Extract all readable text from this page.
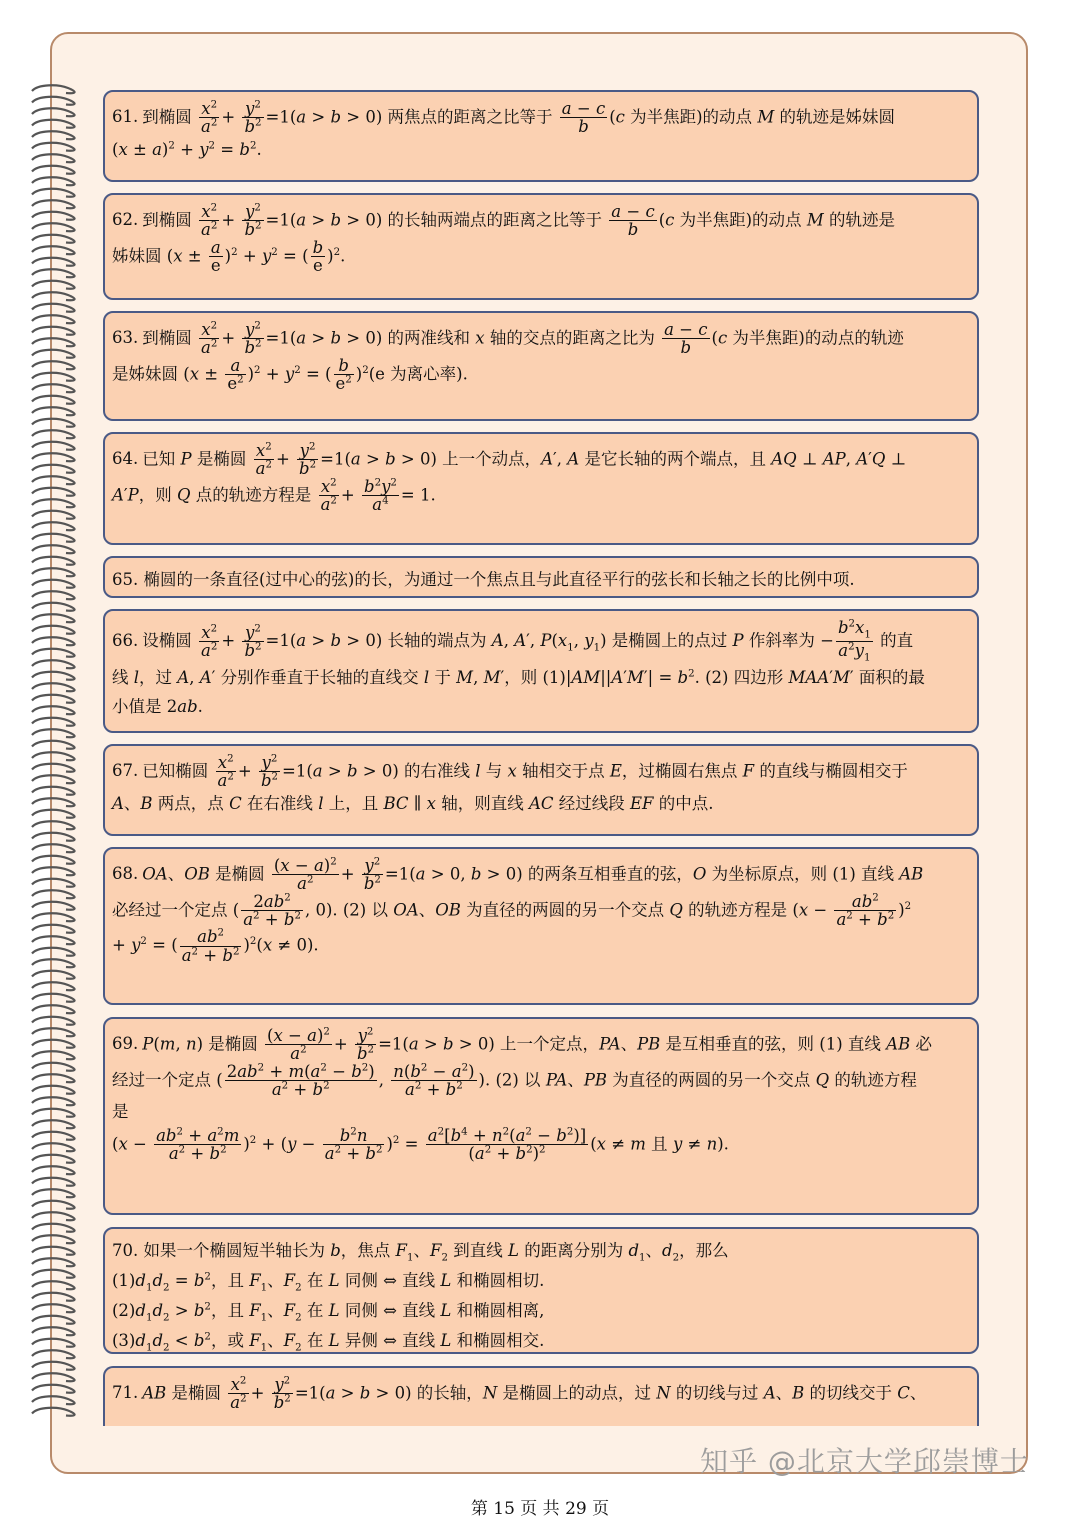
61. 到椭圆 $\frac{x^2}{a^2} + \frac{y^2}{b^2} =1(a > b > 0)$ 两焦点的距离之比等于 $\frac{a - c}{b} (c$ 为半焦距)的动点 M 的轨迹是姊妹圆
$(x \pm a)^2 + y^2 = b^2$.
62. 到椭圆 $\frac{x^2}{a^2} + \frac{y^2}{b^2} =1(a > b > 0)$ 的长轴两端点的距离之比等于 $\frac{a - c}{b} (c$ 为半焦距)的动点 M 的轨迹是
姊妹圆 $(x \pm \frac{a}{e} )^2 + y^2$ = ( $\frac{b}{e} )^2$.
63. 到椭圆 $\frac{x^2}{a^2} + \frac{y^2}{b^2} =1(a > b > 0)$ 的两准线和 x 轴的交点的距离之比为 $\frac{a - c}{b} (c$ 为半焦距)的动点的轨迹
是姊妹圆 $(x \pm \frac{a}{e^2} )^2 + y^2$ = ( $\frac{b}{e^2} )^2(e$ 为离心率).
64. 已知 P 是椭圆 $\frac{x^2}{a^2} + \frac{y^2}{b^2} =1(a > b > 0)$ 上一个动点，A′, A 是它长轴的两个端点，且 AQ ⊥ AP, A′Q ⊥
A′P，则 Q 点的轨迹方程是 $\frac{x^2}{a^2} + \frac{b^2y^2}{a^4} = 1$.
65. 椭圆的一条直径(过中心的弦)的长，为通过一个焦点且与此直径平行的弦长和长轴之长的比例中项.
66. 设椭圆 $\frac{x^2}{a^2} + \frac{y^2}{b^2} =1(a > b > 0)$ 长轴的端点为 A, A′, $P(x_1$, $y_1$) 是椭圆上的点过 P 作斜率为 − $\frac{b^2x_1}{a^2y_1}$ 的直
线 l，过 A, A′ 分别作垂直于长轴的直线交 l 于 M, M′，则 $(1)|AM||A'M'| = b^2$. (2) 四边形 MAA′M′ 面积的最
小值是 2ab.
67. 已知椭圆 $\frac{x^2}{a^2} + \frac{y^2}{b^2} =1(a > b > 0)$ 的右准线 l 与 x 轴相交于点 E，过椭圆右焦点 F 的直线与椭圆相交于
A、B 两点，点 C 在右准线 l 上，且 BC ∥ x 轴，则直线 AC 经过线段 EF 的中点.
68. OA、OB 是椭圆 $\frac{(x - a)^2}{a^2} + \frac{y^2}{b^2} =1(a > 0$, b > 0) 的两条互相垂直的弦，O 为坐标原点，则 (1) 直线 AB
必经过一个定点 ( $\frac{2ab^2}{a^2 + b^2}$ , 0). (2) 以 OA、OB 为直径的两圆的另一个交点 Q 的轨迹方程是 $(x - \frac{ab^2}{a^2 + b^2} )^2$
+ $y^2$ = ( $\frac{ab^2}{a^2 + b^2} )^2(x \ne 0)$.
69. P(m, n) 是椭圆 $\frac{(x - a)^2}{a^2} + \frac{y^2}{b^2} =1(a > b > 0)$ 上一个定点，PA、PB 是互相垂直的弦，则 (1) 直线 AB 必
经过一个定点 ( $\frac{2ab^2 + m(a^2 - b^2)}{a^2 + b^2}$ , $\frac{n(b^2 - a^2)}{a^2 + b^2}$ ). (2) 以 PA、PB 为直径的两圆的另一个交点 Q 的轨迹方程
是
$(x - \frac{ab^2 + a^2m}{a^2 + b^2} )^2 + (y - \frac{b^2n}{a^2 + b^2} )^2 = \frac{a^2[b^4 + n^2(a^2 - b^2)]}{(a^2 + b^2)^2} (x \ne m$ 且 y ≠ n).
70. 如果一个椭圆短半轴长为 b，焦点 $F_1$、$F_2$ 到直线 L 的距离分别为 $d_1$、$d_2$，那么
$(1)d_1d_2 = b^2$，且 $F_1$、$F_2$ 在 L 同侧 ⇔ 直线 L 和椭圆相切.
$(2)d_1d_2 > b^2$，且 $F_1$、$F_2$ 在 L 同侧 ⇔ 直线 L 和椭圆相离,
$(3)d_1d_2 < b^2$，或 $F_1$、$F_2$ 在 L 异侧 ⇔ 直线 L 和椭圆相交.
71. AB 是椭圆 $\frac{x^2}{a^2} + \frac{y^2}{b^2} =1(a > b > 0)$ 的长轴，N 是椭圆上的动点，过 N 的切线与过 A、B 的切线交于 C、
知乎 @北京大学邱崇博士
第 15 页 共 29 页
